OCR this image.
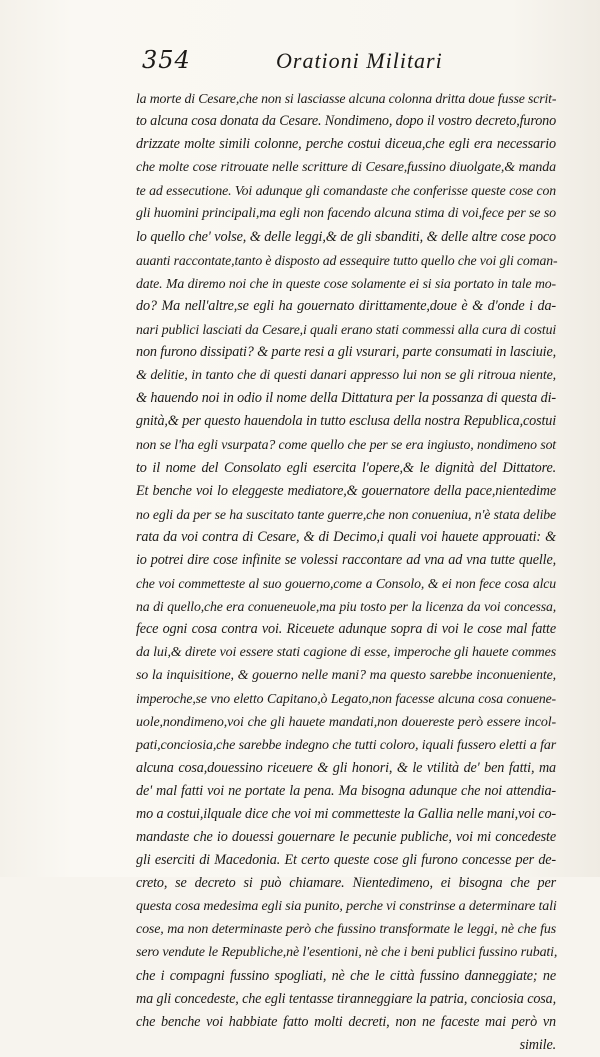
354	Orationi Militari
la morte di Cesare,che non si lasciasse alcuna colonna dritta doue fusse scrit-
to alcuna cosa donata da Cesare. Nondimeno, dopo il vostro decreto,furono
drizzate molte simili colonne, perche costui diceua,che egli era necessario
che molte cose ritrouate nelle scritture di Cesare,fussino diuolgate,& manda
te ad essecutione. Voi adunque gli comandaste che conferisse queste cose con
gli huomini principali,ma egli non facendo alcuna stima di voi,fece per se so
lo quello che' volse, & delle leggi,& de gli sbanditi, & delle altre cose poco
auanti raccontate,tanto è disposto ad essequire tutto quello che voi gli coman-
date. Ma diremo noi che in queste cose solamente ei si sia portato in tale mo-
do? Ma nell'altre,se egli ha gouernato dirittamente,doue è & d'onde i da-
nari publici lasciati da Cesare,i quali erano stati commessi alla cura di costui
non furono dissipati? & parte resi a gli vsurari, parte consumati in lasciuie,
& delitie, in tanto che di questi danari appresso lui non se gli ritroua niente,
& hauendo noi in odio il nome della Dittatura per la possanza di questa di-
gnità,& per questo hauendola in tutto esclusa della nostra Republica,costui
non se l'ha egli vsurpata? come quello che per se era ingiusto, nondimeno sot
to il nome del Consolato egli esercita l'opere,& le dignità del Dittatore.
Et benche voi lo eleggeste mediatore,& gouernatore della pace,nientedime
no egli da per se ha suscitato tante guerre,che non conueniua, n'è stata delibe
rata da voi contra di Cesare, & di Decimo,i quali voi hauete approuati: &
io potrei dire cose infinite se volessi raccontare ad vna ad vna tutte quelle,
che voi commetteste al suo gouerno,come a Consolo, & ei non fece cosa alcu
na di quello,che era conueneuole,ma piu tosto per la licenza da voi concessa,
fece ogni cosa contra voi. Riceuete adunque sopra di voi le cose mal fatte
da lui,& direte voi essere stati cagione di esse, imperoche gli hauete commes
so la inquisitione, & gouerno nelle mani? ma questo sarebbe inconueniente,
imperoche,se vno eletto Capitano,ò Legato,non facesse alcuna cosa conuene-
uole,nondimeno,voi che gli hauete mandati,non douereste però essere incol-
pati,conciosia,che sarebbe indegno che tutti coloro, iquali fussero eletti a far
alcuna cosa,douessino riceuere & gli honori, & le vtilità de' ben fatti, ma
de' mal fatti voi ne portate la pena. Ma bisogna adunque che noi attendia-
mo a costui,ilquale dice che voi mi commetteste la Gallia nelle mani,voi co-
mandaste che io douessi gouernare le pecunie publiche, voi mi concedeste
gli eserciti di Macedonia. Et certo queste cose gli furono concesse per de-
creto, se decreto si può chiamare. Nientedimeno, ei bisogna che per
questa cosa medesima egli sia punito, perche vi constrinse a determinare tali
cose, ma non determinaste però che fussino transformate le leggi, nè che fus
sero vendute le Republiche,nè l'esentioni, nè che i beni publici fussino rubati,
che i compagni fussino spogliati, nè che le città fussino danneggiate; ne
ma gli concedeste, che egli tentasse tiranneggiare la patria, conciosia cosa,
che benche voi habbiate fatto molti decreti, non ne faceste mai però vn
simile.
